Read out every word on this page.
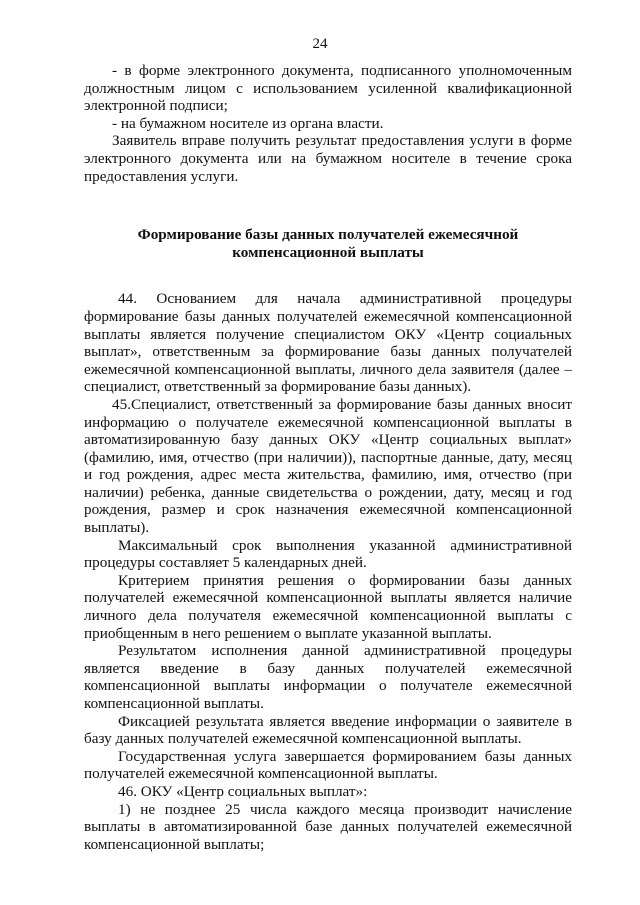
24

- в форме электронного документа, подписанного уполномоченным должностным лицом с использованием усиленной квалификационной электронной подписи;

- на бумажном носителе из органа власти.

Заявитель вправе получить результат предоставления услуги в форме электронного документа или на бумажном носителе в течение срока предоставления услуги.

Формирование базы данных получателей ежемесячной компенсационной выплаты

44. Основанием для начала административной процедуры формирование базы данных получателей ежемесячной компенсационной выплаты является получение специалистом ОКУ «Центр социальных выплат», ответственным за формирование базы данных получателей ежемесячной компенсационной выплаты, личного дела заявителя (далее – специалист, ответственный за формирование базы данных).

45.Специалист, ответственный за формирование базы данных вносит информацию о получателе ежемесячной компенсационной выплаты в автоматизированную базу данных ОКУ «Центр социальных выплат» (фамилию, имя, отчество (при наличии)), паспортные данные, дату, месяц и год рождения, адрес места жительства, фамилию, имя, отчество (при наличии) ребенка, данные свидетельства о рождении, дату, месяц и год рождения, размер и срок назначения ежемесячной компенсационной выплаты).

Максимальный срок выполнения указанной административной процедуры составляет 5 календарных дней.

Критерием принятия решения о формировании базы данных получателей ежемесячной компенсационной выплаты является наличие личного дела получателя ежемесячной компенсационной выплаты с приобщенным в него решением о выплате указанной выплаты.

Результатом исполнения данной административной процедуры является введение в базу данных получателей ежемесячной компенсационной выплаты информации о получателе ежемесячной компенсационной выплаты.

Фиксацией результата является введение информации о заявителе в базу данных получателей ежемесячной компенсационной выплаты.

Государственная услуга завершается формированием базы данных получателей ежемесячной компенсационной выплаты.

46. ОКУ «Центр социальных выплат»:

1) не позднее 25 числа каждого месяца производит начисление выплаты в автоматизированной базе данных получателей ежемесячной компенсационной выплаты;
